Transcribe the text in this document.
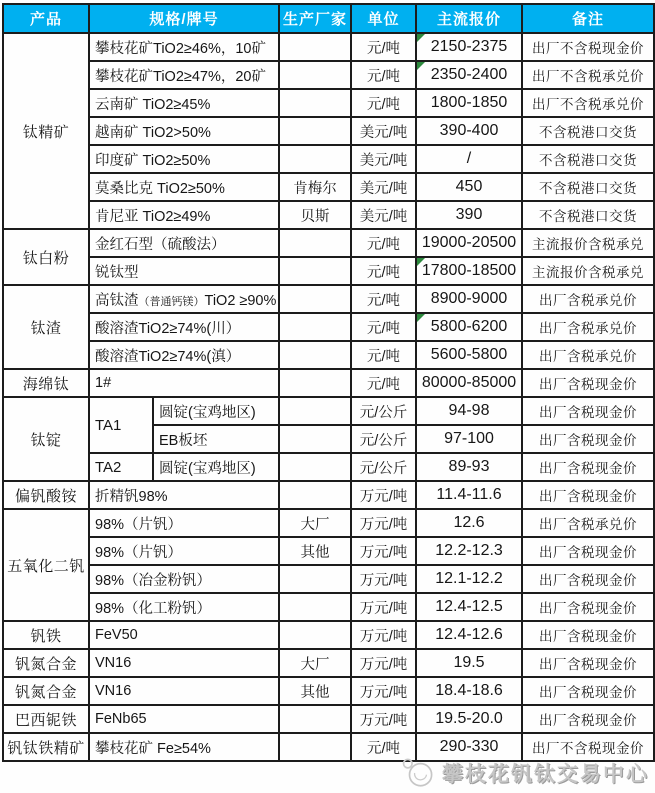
产品	规格/牌号		生产厂家	单位	主流报价	备注
钛精矿	攀枝花矿TiO2≥46%，10矿			元/吨	2150-2375	出厂不含税现金价
	攀枝花矿TiO2≥47%，20矿			元/吨	2350-2400	出厂不含税承兑价
	云南矿 TiO2≥45%			元/吨	1800-1850	出厂不含税承兑价
	越南矿 TiO2>50%			美元/吨	390-400	不含税港口交货
	印度矿 TiO2≥50%			美元/吨	/	不含税港口交货
	莫桑比克 TiO2≥50%		肯梅尔	美元/吨	450	不含税港口交货
	肯尼亚 TiO2≥49%		贝斯	美元/吨	390	不含税港口交货
钛白粉	金红石型（硫酸法）			元/吨	19000-20500	主流报价含税承兑
	锐钛型			元/吨	17800-18500	主流报价含税承兑
钛渣	高钛渣（普通钙镁）TiO2 ≥90%			元/吨	8900-9000	出厂含税承兑价
	酸溶渣TiO2≥74%(川）			元/吨	5800-6200	出厂含税承兑价
	酸溶渣TiO2≥74%(滇）			元/吨	5600-5800	出厂含税承兑价
海绵钛	1#			元/吨	80000-85000	出厂含税现金价
钛锭	TA1	圆锭(宝鸡地区)		元/公斤	94-98	出厂含税现金价
		EB板坯		元/公斤	97-100	出厂含税现金价
	TA2	圆锭(宝鸡地区)		元/公斤	89-93	出厂含税现金价
偏钒酸铵	折精钒98%			万元/吨	11.4-11.6	出厂含税现金价
五氧化二钒	98%（片钒）		大厂	万元/吨	12.6	出厂含税承兑价
	98%（片钒）		其他	万元/吨	12.2-12.3	出厂含税现金价
	98%（冶金粉钒）			万元/吨	12.1-12.2	出厂含税现金价
	98%（化工粉钒）			万元/吨	12.4-12.5	出厂含税现金价
钒铁	FeV50			万元/吨	12.4-12.6	出厂含税现金价
钒氮合金	VN16		大厂	万元/吨	19.5	出厂含税现金价
钒氮合金	VN16		其他	万元/吨	18.4-18.6	出厂含税现金价
巴西铌铁	FeNb65			万元/吨	19.5-20.0	出厂含税现金价
钒钛铁精矿	攀枝花矿 Fe≥54%			元/吨	290-330	出厂不含税现金价
攀枝花钒钛交易中心
